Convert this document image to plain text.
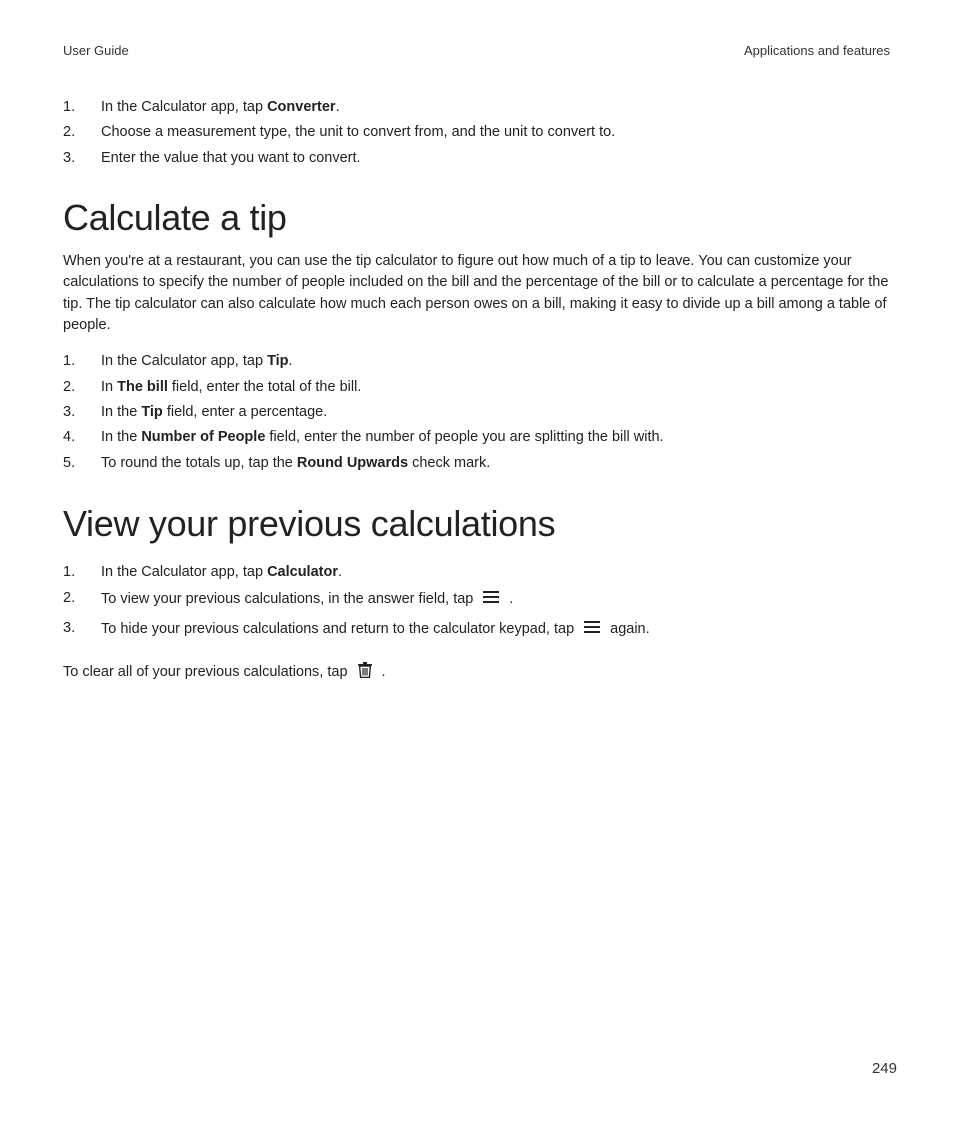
User Guide	Applications and features
1.	In the Calculator app, tap Converter.
2.	Choose a measurement type, the unit to convert from, and the unit to convert to.
3.	Enter the value that you want to convert.
Calculate a tip

When you're at a restaurant, you can use the tip calculator to figure out how much of a tip to leave. You can customize your calculations to specify the number of people included on the bill and the percentage of the bill or to calculate a percentage for the tip. The tip calculator can also calculate how much each person owes on a bill, making it easy to divide up a bill among a table of people.

1.	In the Calculator app, tap Tip.
2.	In The bill field, enter the total of the bill.
3.	In the Tip field, enter a percentage.
4.	In the Number of People field, enter the number of people you are splitting the bill with.
5.	To round the totals up, tap the Round Upwards check mark.
View your previous calculations
1.	In the Calculator app, tap Calculator.
2.	To view your previous calculations, in the answer field, tap .
3.	To hide your previous calculations and return to the calculator keypad, tap again.
To clear all of your previous calculations, tap .
249
